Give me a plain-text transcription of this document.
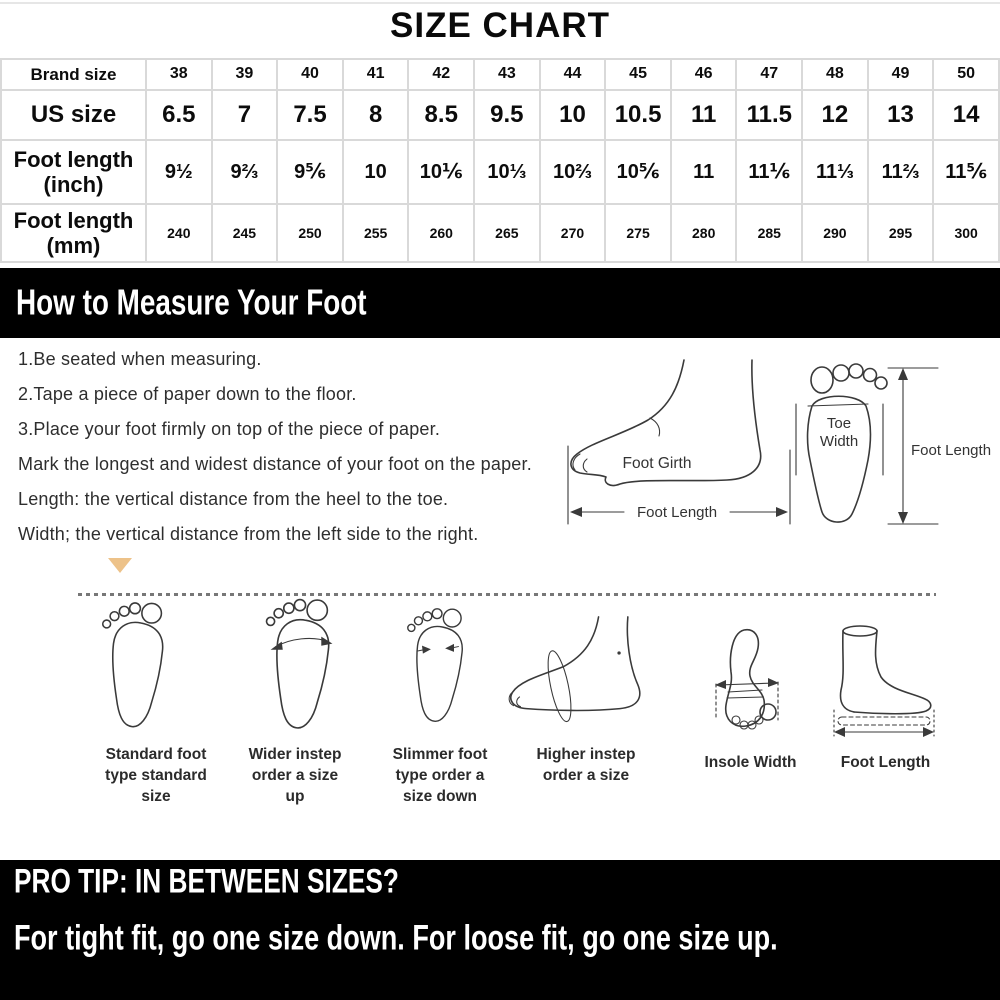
SIZE CHART
Brand size	38	39	40	41	42	43	44	45	46	47	48	49	50
US size	6.5	7	7.5	8	8.5	9.5	10	10.5	11	11.5	12	13	14
Foot length (inch)	9½	9⅔	9⅚	10	10⅙	10⅓	10⅔	10⅚	11	11⅙	11⅓	11⅔	11⅚
Foot length (mm)	240	245	250	255	260	265	270	275	280	285	290	295	300
How to Measure Your Foot
1.Be seated when measuring.
2.Tape a piece of paper down to the floor.
3.Place your foot firmly on top of the piece of paper.
Mark the longest and widest distance of your foot on the paper.
Length: the vertical distance from the heel to the toe.
Width; the vertical distance from the left side to the right.
Foot Girth
Foot Length
Toe
Width
Foot Length
Standard foot
type standard
size
Wider instep
order a size
up
Slimmer foot
type order a
size down
Higher instep
order a size
Insole Width	Foot Length
PRO TIP: IN BETWEEN SIZES?
For tight fit, go one size down. For loose fit, go one size up.
